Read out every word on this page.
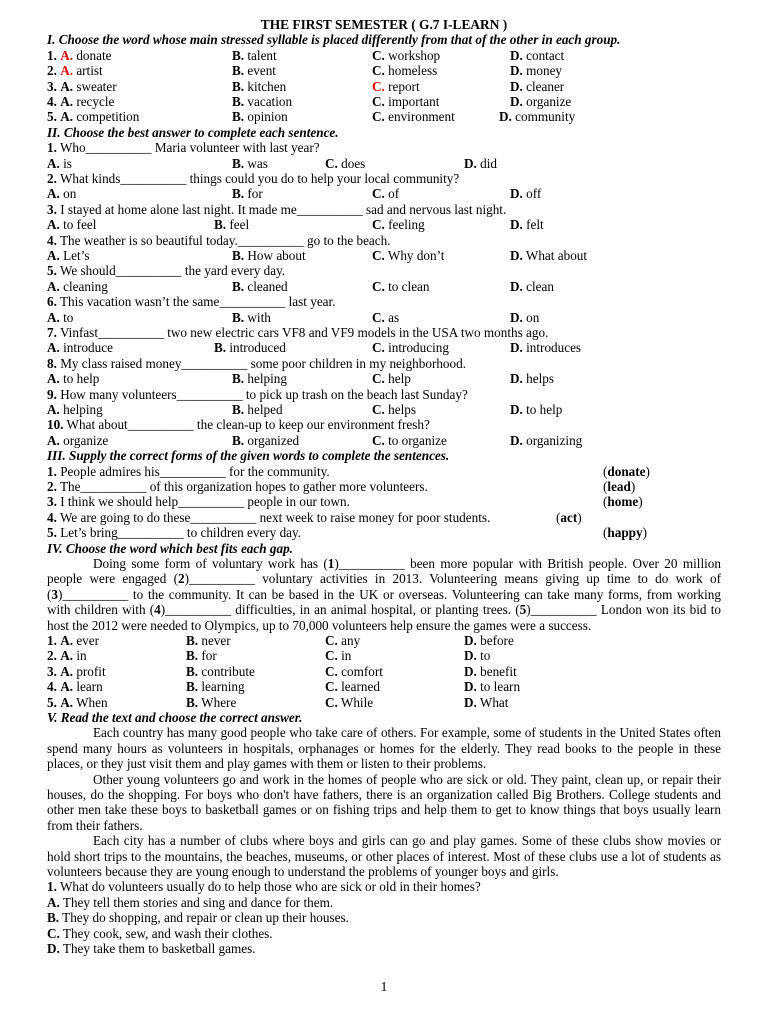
THE FIRST SEMESTER ( G.7 I-LEARN )
I. Choose the word whose main stressed syllable is placed differently from that of the other in each group.
1. A. donate	B. talent	C. workshop	D. contact
2. A. artist	B. event	C. homeless	D. money
3. A. sweater	B. kitchen	C. report	D. cleaner
4. A. recycle	B. vacation	C. important	D. organize
5. A. competition	B. opinion	C. environment	D. community
II. Choose the best answer to complete each sentence.
1. Who__________ Maria volunteer with last year?
A. is	B. was	C. does	D. did
2. What kinds__________ things could you do to help your local community?
A. on	B. for	C. of	D. off
3. I stayed at home alone last night. It made me__________ sad and nervous last night.
A. to feel	B. feel	C. feeling	D. felt
4. The weather is so beautiful today.__________ go to the beach.
A. Let’s	B. How about	C. Why don’t	D. What about
5. We should__________ the yard every day.
A. cleaning	B. cleaned	C. to clean	D. clean
6. This vacation wasn’t the same__________ last year.
A. to	B. with	C. as	D. on
7. Vinfast__________ two new electric cars VF8 and VF9 models in the USA two months ago.
A. introduce	B. introduced	C. introducing	D. introduces
8. My class raised money__________ some poor children in my neighborhood.
A. to help	B. helping	C. help	D. helps
9. How many volunteers__________ to pick up trash on the beach last Sunday?
A. helping	B. helped	C. helps	D. to help
10. What about__________ the clean-up to keep our environment fresh?
A. organize	B. organized	C. to organize	D. organizing
III. Supply the correct forms of the given words to complete the sentences.
1. People admires his__________ for the community.	(donate)
2. The__________ of this organization hopes to gather more volunteers.	(lead)
3. I think we should help__________ people in our town.	(home)
4. We are going to do these__________ next week to raise money for poor students.	(act)
5. Let’s bring__________ to children every day.	(happy)
IV. Choose the word which best fits each gap.
Doing some form of voluntary work has (1)__________ been more popular with British people. Over 20 million people were engaged (2)__________ voluntary activities in 2013. Volunteering means giving up time to do work of (3)__________ to the community. It can be based in the UK or overseas. Volunteering can take many forms, from working with children with (4)__________ difficulties, in an animal hospital, or planting trees. (5)__________ London won its bid to host the 2012 were needed to Olympics, up to 70,000 volunteers help ensure the games were a success.
1. A. ever	B. never	C. any	D. before
2. A. in	B. for	C. in	D. to
3. A. profit	B. contribute	C. comfort	D. benefit
4. A. learn	B. learning	C. learned	D. to learn
5. A. When	B. Where	C. While	D. What
V. Read the text and choose the correct answer.
Each country has many good people who take care of others. For example, some of students in the United States often spend many hours as volunteers in hospitals, orphanages or homes for the elderly. They read books to the people in these places, or they just visit them and play games with them or listen to their problems.
Other young volunteers go and work in the homes of people who are sick or old. They paint, clean up, or repair their houses, do the shopping. For boys who don't have fathers, there is an organization called Big Brothers. College students and other men take these boys to basketball games or on fishing trips and help them to get to know things that boys usually learn from their fathers.
Each city has a number of clubs where boys and girls can go and play games. Some of these clubs show movies or hold short trips to the mountains, the beaches, museums, or other places of interest. Most of these clubs use a lot of students as volunteers because they are young enough to understand the problems of younger boys and girls.
1. What do volunteers usually do to help those who are sick or old in their homes?
A. They tell them stories and sing and dance for them.
B. They do shopping, and repair or clean up their houses.
C. They cook, sew, and wash their clothes.
D. They take them to basketball games.
1
